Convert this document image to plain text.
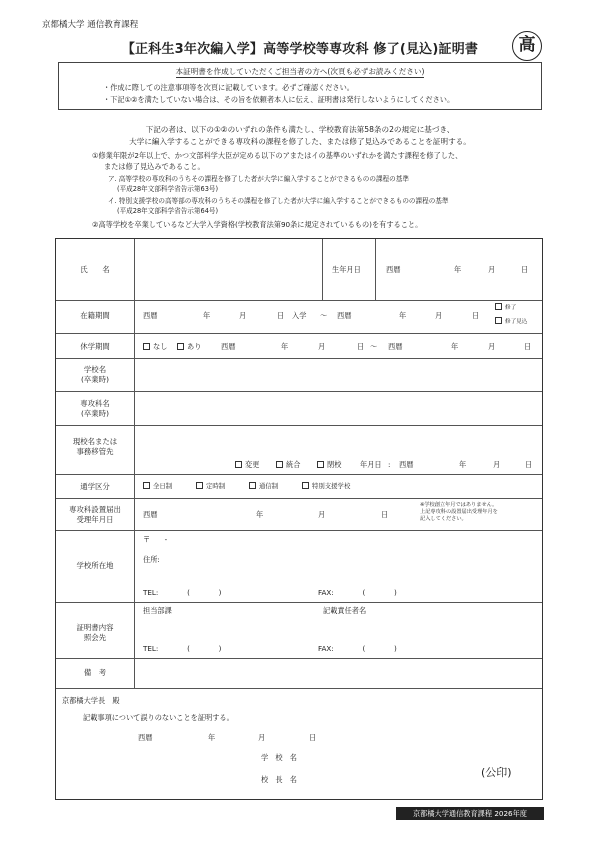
京都橘大学 通信教育課程
【正科生3年次編入学】高等学校等専攻科 修了(見込)証明書	高
本証明書を作成していただくご担当者の方へ(次頁も必ずお読みください)
・作成に際しての注意事項等を次頁に記載しています。必ずご確認ください。
・下記①②を満たしていない場合は、その旨を依頼者本人に伝え、証明書は発行しないようにしてください。
下記の者は、以下の①②のいずれの条件も満たし、学校教育法第58条の2の規定に基づき、
大学に編入学することができる専攻科の課程を修了した、または修了見込みであることを証明する。
①修業年限が2年以上で、かつ文部科学大臣が定める以下のアまたはイの基準のいずれかを満たす課程を修了した、
または修了見込みであること。
ア. 高等学校の専攻科のうちその課程を修了した者が大学に編入学することができるものの課程の基準
(平成28年文部科学省告示第63号)
イ. 特別支援学校の高等部の専攻科のうちその課程を修了した者が大学に編入学することができるものの課程の基準
(平成28年文部科学省告示第64号)
②高等学校を卒業しているなど大学入学資格(学校教育法第90条に規定されているもの)を有すること。
氏　　名	生年月日	西暦	年	月	日
在籍期間	西暦	年	月	日 入学 ～ 西暦	年	月	日
修了
修了見込
休学期間	なし	あり	西暦	年	月	日 ～ 西暦	年	月	日
学校名
(卒業時)
専攻科名
(卒業時)
現校名または
事務移管先
変更	統合	閉校	年月日 : 西暦	年	月	日
通学区分	全日制	定時制	通信制	特別支援学校
専攻科設置届出
受理年月日
西暦	年	月	日
※学校創立年月ではありません。
上記専攻科の設置届出受理年月を
記入してください。
学校所在地
〒　　-
住所:
TEL:　　　　(　　　　)	FAX:　　　　(　　　　)
証明書内容
照会先
担当部課	記載責任者名
TEL:　　　　(　　　　)	FAX:　　　　(　　　　)
備　考
京都橘大学長　殿
記載事項について誤りのないことを証明する。
西暦	年	月	日
学　校　名
校　長　名
(公印)
京都橘大学通信教育課程 2026年度
